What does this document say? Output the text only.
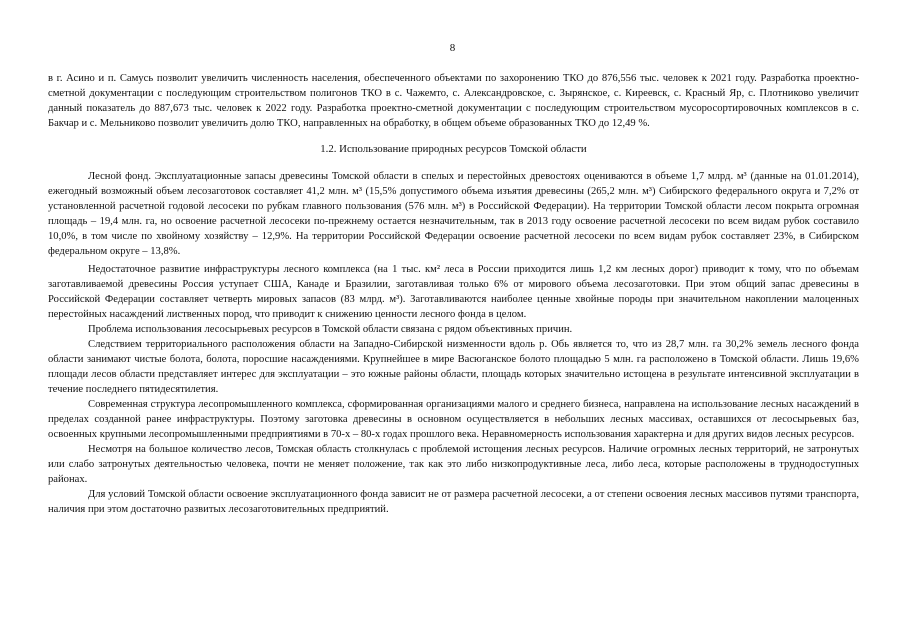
8

в г. Асино и п. Самусь позволит увеличить численность населения, обеспеченного объектами по захоронению ТКО до 876,556 тыс. человек к 2021 году. Разработка проектно-сметной документации с последующим строительством полигонов ТКО в с. Чажемто, с. Александровское, с. Зырянское, с. Киреевск, с. Красный Яр, с. Плотниково увеличит данный показатель до 887,673 тыс. человек к 2022 году. Разработка проектно-сметной документации с последующим строительством мусоросортировочных комплексов в с. Бакчар и с. Мельниково позволит увеличить долю ТКО, направленных на обработку, в общем объеме образованных ТКО до 12,49 %.

1.2. Использование природных ресурсов Томской области

Лесной фонд. Эксплуатационные запасы древесины Томской области в спелых и перестойных древостоях оцениваются в объеме 1,7 млрд. м³ (данные на 01.01.2014), ежегодный возможный объем лесозаготовок составляет 41,2 млн. м³ (15,5% допустимого объема изъятия древесины (265,2 млн. м³) Сибирского федерального округа и 7,2% от установленной расчетной годовой лесосеки по рубкам главного пользования (576 млн. м³) в Российской Федерации). На территории Томской области лесом покрыта огромная площадь – 19,4 млн. га, но освоение расчетной лесосеки по-прежнему остается незначительным, так в 2013 году освоение расчетной лесосеки по всем видам рубок составило 10,0%, в том числе по хвойному хозяйству – 12,9%. На территории Российской Федерации освоение расчетной лесосеки по всем видам рубок составляет 23%, в Сибирском федеральном округе – 13,8%.

Недостаточное развитие инфраструктуры лесного комплекса (на 1 тыс. км² леса в России приходится лишь 1,2 км лесных дорог) приводит к тому, что по объемам заготавливаемой древесины Россия уступает США, Канаде и Бразилии, заготавливая только 6% от мирового объема лесозаготовки. При этом общий запас древесины в Российской Федерации составляет четверть мировых запасов (83 млрд. м³). Заготавливаются наиболее ценные хвойные породы при значительном накоплении малоценных перестойных насаждений лиственных пород, что приводит к снижению ценности лесного фонда в целом.

Проблема использования лесосырьевых ресурсов в Томской области связана с рядом объективных причин.

Следствием территориального расположения области на Западно-Сибирской низменности вдоль р. Обь является то, что из 28,7 млн. га 30,2% земель лесного фонда области занимают чистые болота, болота, поросшие насаждениями. Крупнейшее в мире Васюганское болото площадью 5 млн. га расположено в Томской области. Лишь 19,6% площади лесов области представляет интерес для эксплуатации – это южные районы области, площадь которых значительно истощена в результате интенсивной эксплуатации в течение последнего пятидесятилетия.

Современная структура лесопромышленного комплекса, сформированная организациями малого и среднего бизнеса, направлена на использование лесных насаждений в пределах созданной ранее инфраструктуры. Поэтому заготовка древесины в основном осуществляется в небольших лесных массивах, оставшихся от лесосырьевых баз, освоенных крупными лесопромышленными предприятиями в 70-х – 80-х годах прошлого века. Неравномерность использования характерна и для других видов лесных ресурсов.

Несмотря на большое количество лесов, Томская область столкнулась с проблемой истощения лесных ресурсов. Наличие огромных лесных территорий, не затронутых или слабо затронутых деятельностью человека, почти не меняет положение, так как это либо низкопродуктивные леса, либо леса, которые расположены в труднодоступных районах.

Для условий Томской области освоение эксплуатационного фонда зависит не от размера расчетной лесосеки, а от степени освоения лесных массивов путями транспорта, наличия при этом достаточно развитых лесозаготовительных предприятий.
